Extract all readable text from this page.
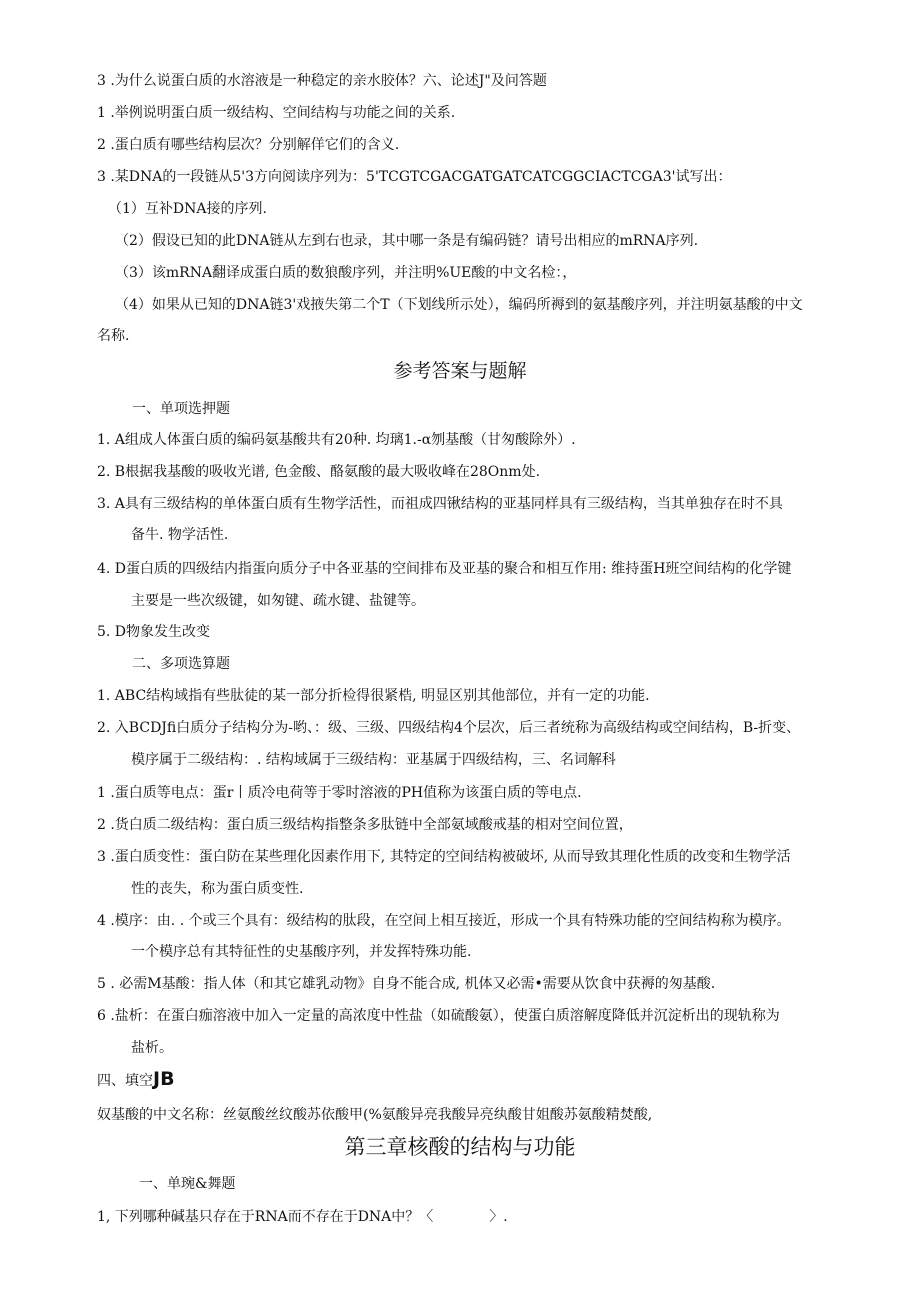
3 .为什么说蛋白质的水溶液是一种稳定的亲水胶体？六、论述J"及问答题
1 .举例说明蛋白质一级结构、空间结构与功能之间的关系.
2 .蛋白质有哪些结构层次？分别解佯它们的含义.
3 .某DNA的一段链从5'3方向阅读序列为：5'TCGTCGACGATGATCATCGGCIACTCGA3'试写出：
（1）互补DNA接的序列.
（2）假设已知的此DNA链从左到右也录，其中哪一条是有编码链？请号出相应的mRNA序列.
（3）该mRNA翻译成蛋白质的数狼酸序列，并注明%UE酸的中文名检：，
（4）如果从已知的DNA链3'戏掖失第二个T（下划线所示处），编码所褥到的氨基酸序列，并注明氨基酸的中文
名称.
参考答案与题解
一、单项选押题
1. A组成人体蛋白质的编码氨基酸共有20种. 均璃1.-α刎基酸（甘匆酸除外）.
2. B根据我基酸的吸收光谱, 色金酸、酪氨酸的最大吸收峰在28Onm处.
3. A具有三级结构的单体蛋白质有生物学活性，而祖成四锹结构的亚基同样具有三级结构，当其单独存在时不具
备牛. 物学活性.
4. D蛋白质的四级结内指蛋向质分子中各亚基的空间排布及亚基的聚合和相互作用: 维持蛋H班空间结构的化学键
主要是一些次级键，如匆键、疏水键、盐键等。
5. D物象发生改变
二、多项选算题
1. ABC结构域指有些肽徒的某一部分折检得很紧梏, 明显区别其他部位，并有一定的功能.
2. 入BCDJfi白质分子结构分为-哟、：级、三级、四级结构4个层次，后三者统称为高级结构或空间结构，B-折变、
模序属于二级结构：. 结构域属于三级结构：亚基属于四级结构，三、名词解科
1 .蛋白质等电点：蛋r丨质冷电荷等于零时溶液的PH值称为该蛋白质的等电点.
2 .货白质二级结构：蛋白质三级结构指整条多肽链中全部氨域酸戒基的相对空间位置，
3 .蛋白质变性：蛋白防在某些理化因素作用下, 其特定的空间结构被破坏, 从而导致其理化性质的改变和生物学活
性的丧失，称为蛋白质变性.
4 .模序：由. . 个或三个具有：级结构的肽段，在空间上相互接近，形成一个具有特殊功能的空间结构称为模序。
一个模序总有其特征性的史基酸序列，并发挥特殊功能.
5 . 必需M基酸：指人体（和其它雄乳动物》自身不能合成, 机体又必需•需要从饮食中获褥的匆基酸.
6 .盐析：在蛋白痂溶液中加入一定量的高浓度中性盐（如硫酸氨），使蛋白质溶解度降低并沉淀析出的现轨称为
盐析。
四、填空JB
奴基酸的中文名称：丝氨酸丝纹酸苏依酸甲(%氨酸异亮我酸异亮纨酸甘姐酸苏氨酸精焚酸,
第三章核酸的结构与功能
一、单琬&舞题
1, 下列哪种碱基只存在于RNA而不存在于DNA中？〈　　　　〉.
